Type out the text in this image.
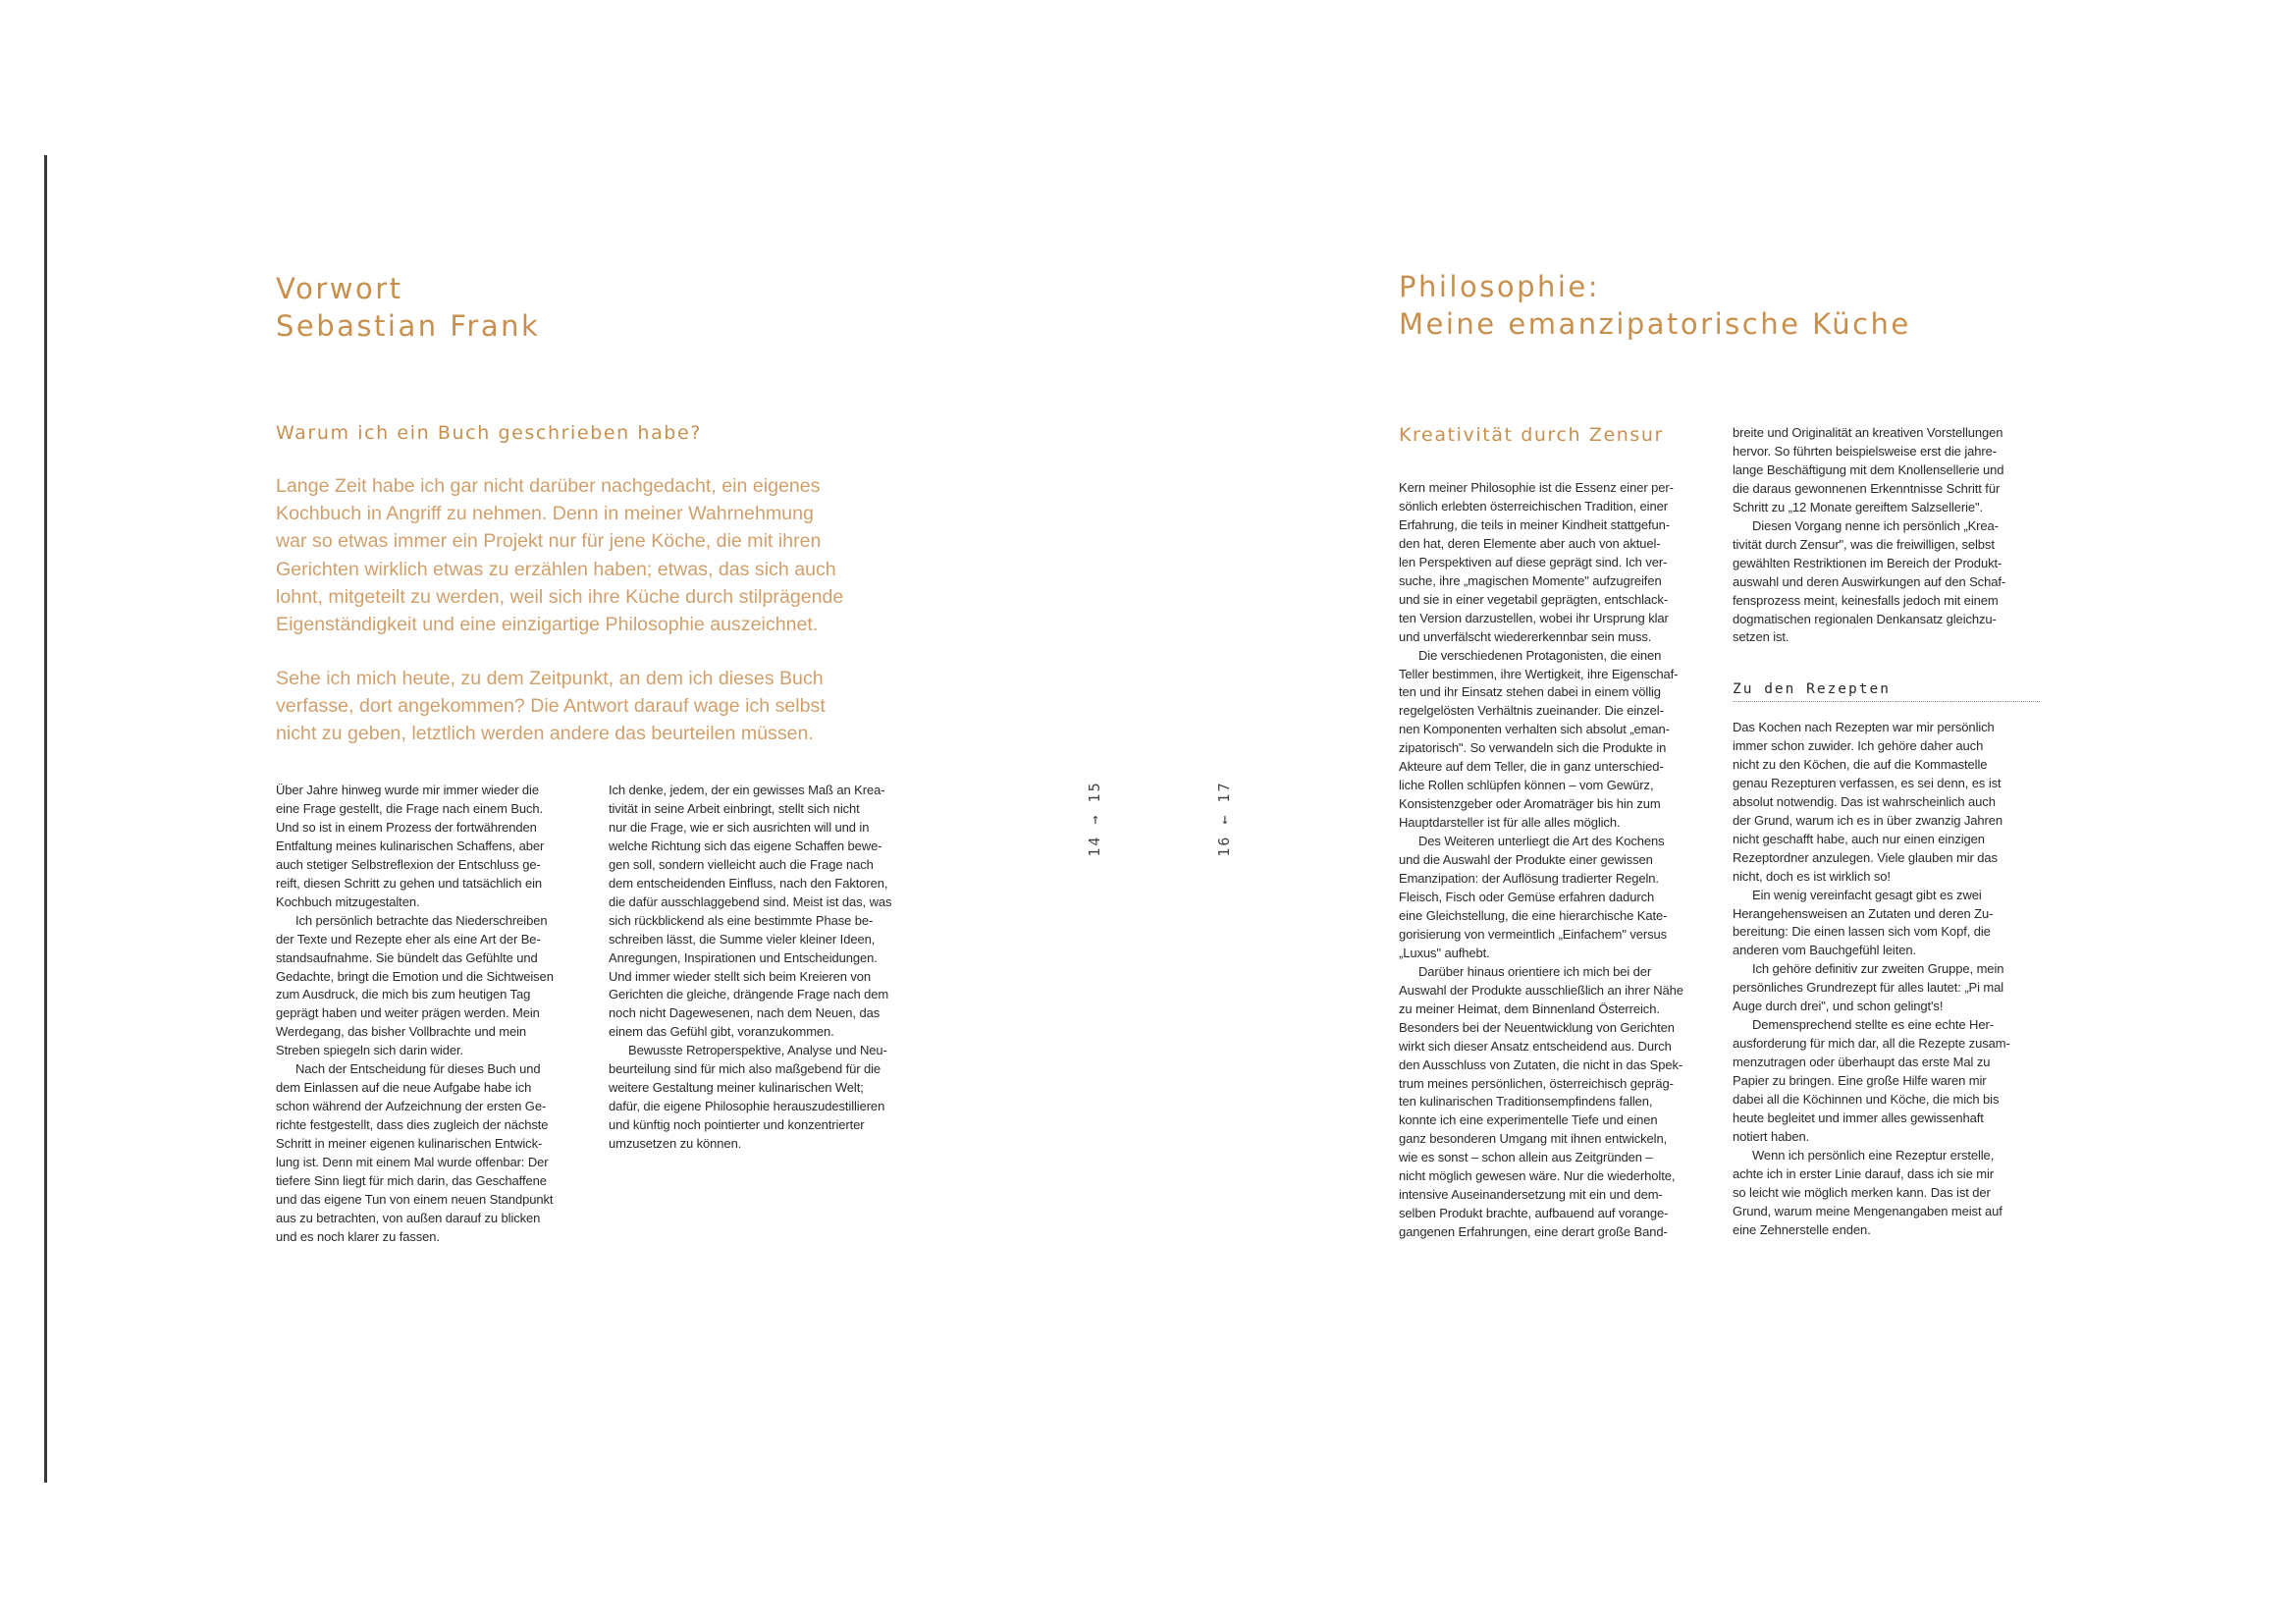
Vorwort
Sebastian Frank
Warum ich ein Buch geschrieben habe?
Lange Zeit habe ich gar nicht darüber nachgedacht, ein eigenes
Kochbuch in Angriff zu nehmen. Denn in meiner Wahrnehmung
war so etwas immer ein Projekt nur für jene Köche, die mit ihren
Gerichten wirklich etwas zu erzählen haben; etwas, das sich auch
lohnt, mitgeteilt zu werden, weil sich ihre Küche durch stilprägende
Eigenständigkeit und eine einzigartige Philosophie auszeichnet.
Sehe ich mich heute, zu dem Zeitpunkt, an dem ich dieses Buch
verfasse, dort angekommen? Die Antwort darauf wage ich selbst
nicht zu geben, letztlich werden andere das beurteilen müssen.
Über Jahre hinweg wurde mir immer wieder die
eine Frage gestellt, die Frage nach einem Buch.
Und so ist in einem Prozess der fortwährenden
Entfaltung meines kulinarischen Schaffens, aber
auch stetiger Selbstreflexion der Entschluss ge-
reift, diesen Schritt zu gehen und tatsächlich ein
Kochbuch mitzugestalten.
Ich persönlich betrachte das Niederschreiben
der Texte und Rezepte eher als eine Art der Be-
standsaufnahme. Sie bündelt das Gefühlte und
Gedachte, bringt die Emotion und die Sichtweisen
zum Ausdruck, die mich bis zum heutigen Tag
geprägt haben und weiter prägen werden. Mein
Werdegang, das bisher Vollbrachte und mein
Streben spiegeln sich darin wider.
Nach der Entscheidung für dieses Buch und
dem Einlassen auf die neue Aufgabe habe ich
schon während der Aufzeichnung der ersten Ge-
richte festgestellt, dass dies zugleich der nächste
Schritt in meiner eigenen kulinarischen Entwick-
lung ist. Denn mit einem Mal wurde offenbar: Der
tiefere Sinn liegt für mich darin, das Geschaffene
und das eigene Tun von einem neuen Standpunkt
aus zu betrachten, von außen darauf zu blicken
und es noch klarer zu fassen.
Ich denke, jedem, der ein gewisses Maß an Krea-
tivität in seine Arbeit einbringt, stellt sich nicht
nur die Frage, wie er sich ausrichten will und in
welche Richtung sich das eigene Schaffen bewe-
gen soll, sondern vielleicht auch die Frage nach
dem entscheidenden Einfluss, nach den Faktoren,
die dafür ausschlaggebend sind. Meist ist das, was
sich rückblickend als eine bestimmte Phase be-
schreiben lässt, die Summe vieler kleiner Ideen,
Anregungen, Inspirationen und Entscheidungen.
Und immer wieder stellt sich beim Kreieren von
Gerichten die gleiche, drängende Frage nach dem
noch nicht Dagewesenen, nach dem Neuen, das
einem das Gefühl gibt, voranzukommen.
Bewusste Retroperspektive, Analyse und Neu-
beurteilung sind für mich also maßgebend für die
weitere Gestaltung meiner kulinarischen Welt;
dafür, die eigene Philosophie herauszudestillieren
und künftig noch pointierter und konzentrierter
umzusetzen zu können.
14 → 15	16 ← 17
Philosophie:
Meine emanzipatorische Küche
Kreativität durch Zensur
Kern meiner Philosophie ist die Essenz einer per-
sönlich erlebten österreichischen Tradition, einer
Erfahrung, die teils in meiner Kindheit stattgefun-
den hat, deren Elemente aber auch von aktuel-
len Perspektiven auf diese geprägt sind. Ich ver-
suche, ihre „magischen Momente" aufzugreifen
und sie in einer vegetabil geprägten, entschlack-
ten Version darzustellen, wobei ihr Ursprung klar
und unverfälscht wiedererkennbar sein muss.
Die verschiedenen Protagonisten, die einen
Teller bestimmen, ihre Wertigkeit, ihre Eigenschaf-
ten und ihr Einsatz stehen dabei in einem völlig
regelgelösten Verhältnis zueinander. Die einzel-
nen Komponenten verhalten sich absolut „eman-
zipatorisch". So verwandeln sich die Produkte in
Akteure auf dem Teller, die in ganz unterschied-
liche Rollen schlüpfen können – vom Gewürz,
Konsistenzgeber oder Aromaträger bis hin zum
Hauptdarsteller ist für alle alles möglich.
Des Weiteren unterliegt die Art des Kochens
und die Auswahl der Produkte einer gewissen
Emanzipation: der Auflösung tradierter Regeln.
Fleisch, Fisch oder Gemüse erfahren dadurch
eine Gleichstellung, die eine hierarchische Kate-
gorisierung von vermeintlich „Einfachem" versus
„Luxus" aufhebt.
Darüber hinaus orientiere ich mich bei der
Auswahl der Produkte ausschließlich an ihrer Nähe
zu meiner Heimat, dem Binnenland Österreich.
Besonders bei der Neuentwicklung von Gerichten
wirkt sich dieser Ansatz entscheidend aus. Durch
den Ausschluss von Zutaten, die nicht in das Spek-
trum meines persönlichen, österreichisch gepräg-
ten kulinarischen Traditionsempfindens fallen,
konnte ich eine experimentelle Tiefe und einen
ganz besonderen Umgang mit ihnen entwickeln,
wie es sonst – schon allein aus Zeitgründen –
nicht möglich gewesen wäre. Nur die wiederholte,
intensive Auseinandersetzung mit ein und dem-
selben Produkt brachte, aufbauend auf vorange-
gangenen Erfahrungen, eine derart große Band-
breite und Originalität an kreativen Vorstellungen
hervor. So führten beispielsweise erst die jahre-
lange Beschäftigung mit dem Knollensellerie und
die daraus gewonnenen Erkenntnisse Schritt für
Schritt zu „12 Monate gereiftem Salzsellerie".
Diesen Vorgang nenne ich persönlich „Krea-
tivität durch Zensur", was die freiwilligen, selbst
gewählten Restriktionen im Bereich der Produkt-
auswahl und deren Auswirkungen auf den Schaf-
fensprozess meint, keinesfalls jedoch mit einem
dogmatischen regionalen Denkansatz gleichzu-
setzen ist.
Zu den Rezepten
Das Kochen nach Rezepten war mir persönlich
immer schon zuwider. Ich gehöre daher auch
nicht zu den Köchen, die auf die Kommastelle
genau Rezepturen verfassen, es sei denn, es ist
absolut notwendig. Das ist wahrscheinlich auch
der Grund, warum ich es in über zwanzig Jahren
nicht geschafft habe, auch nur einen einzigen
Rezeptordner anzulegen. Viele glauben mir das
nicht, doch es ist wirklich so!
Ein wenig vereinfacht gesagt gibt es zwei
Herangehensweisen an Zutaten und deren Zu-
bereitung: Die einen lassen sich vom Kopf, die
anderen vom Bauchgefühl leiten.
Ich gehöre definitiv zur zweiten Gruppe, mein
persönliches Grundrezept für alles lautet: „Pi mal
Auge durch drei", und schon gelingt's!
Demensprechend stellte es eine echte Her-
ausforderung für mich dar, all die Rezepte zusam-
menzutragen oder überhaupt das erste Mal zu
Papier zu bringen. Eine große Hilfe waren mir
dabei all die Köchinnen und Köche, die mich bis
heute begleitet und immer alles gewissenhaft
notiert haben.
Wenn ich persönlich eine Rezeptur erstelle,
achte ich in erster Linie darauf, dass ich sie mir
so leicht wie möglich merken kann. Das ist der
Grund, warum meine Mengenangaben meist auf
eine Zehnerstelle enden.
